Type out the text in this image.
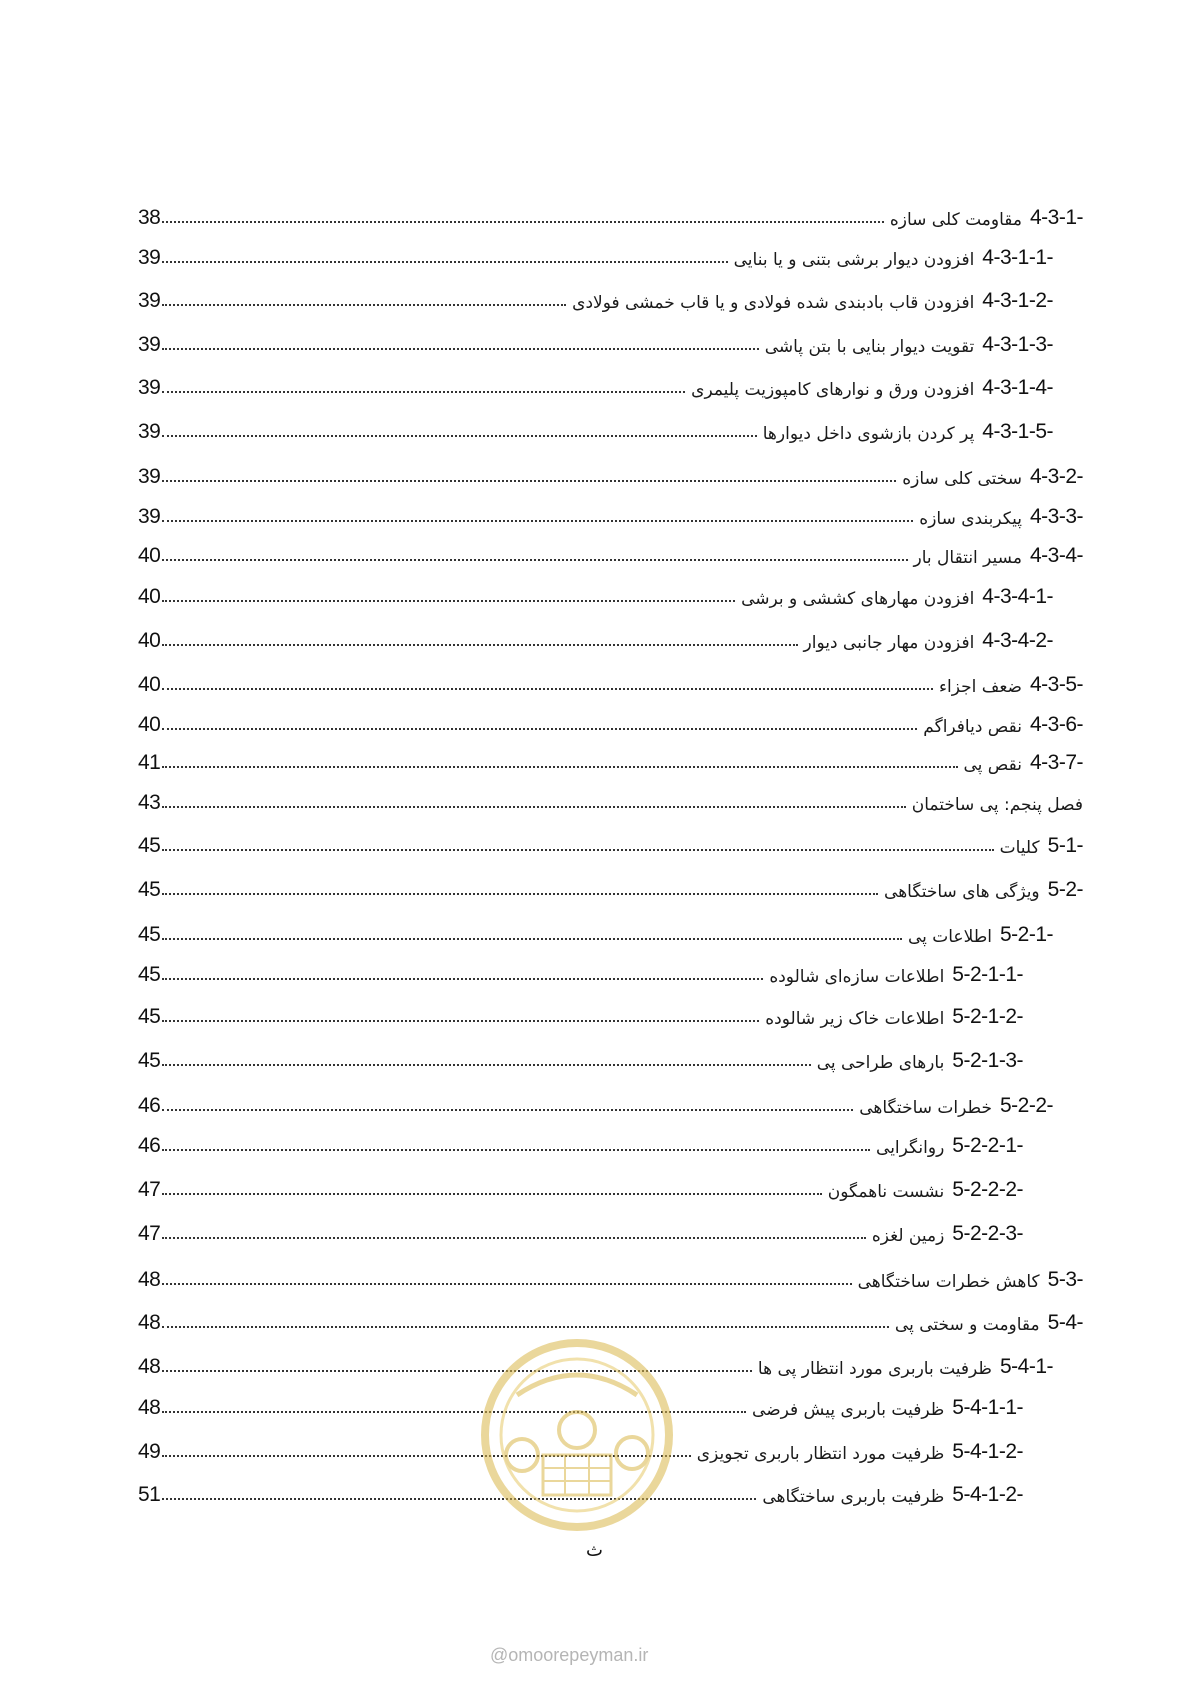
4-3-1-
مقاومت کلی سازه
38
4-3-1-1-
افزودن دیوار برشی بتنی و یا بنایی
39
4-3-1-2-
افزودن قاب بادبندی شده فولادی و یا قاب خمشی فولادی
39
4-3-1-3-
تقویت دیوار بنایی با بتن پاشی
39
4-3-1-4-
افزودن ورق و نوارهای کامپوزیت پلیمری
39
4-3-1-5-
پر کردن بازشوی داخل دیوارها
39
4-3-2-
سختی کلی سازه
39
4-3-3-
پیکربندی سازه
39
4-3-4-
مسیر انتقال بار
40
4-3-4-1-
افزودن مهارهای کششی و برشی
40
4-3-4-2-
افزودن مهار جانبی دیوار
40
4-3-5-
ضعف اجزاء
40
4-3-6-
نقص دیافراگم
40
4-3-7-
نقص پی
41
فصل پنجم: پی ساختمان
43
5-1-
کلیات
45
5-2-
ویژگی های ساختگاهی
45
5-2-1-
اطلاعات پی
45
5-2-1-1-
اطلاعات سازه‌ای شالوده
45
5-2-1-2-
اطلاعات خاک زیر شالوده
45
5-2-1-3-
بارهای طراحی پی
45
5-2-2-
خطرات ساختگاهی
46
5-2-2-1-
روانگرایی
46
5-2-2-2-
نشست ناهمگون
47
5-2-2-3-
زمین لغزه
47
5-3-
کاهش خطرات ساختگاهی
48
5-4-
مقاومت و سختی پی
48
5-4-1-
ظرفیت باربری مورد انتظار پی ها
48
5-4-1-1-
ظرفیت باربری پیش فرضی
48
5-4-1-2-
ظرفیت مورد انتظار باربری تجویزی
49
5-4-1-2-
ظرفیت باربری ساختگاهی
51
ث
@omoorepeyman.ir
